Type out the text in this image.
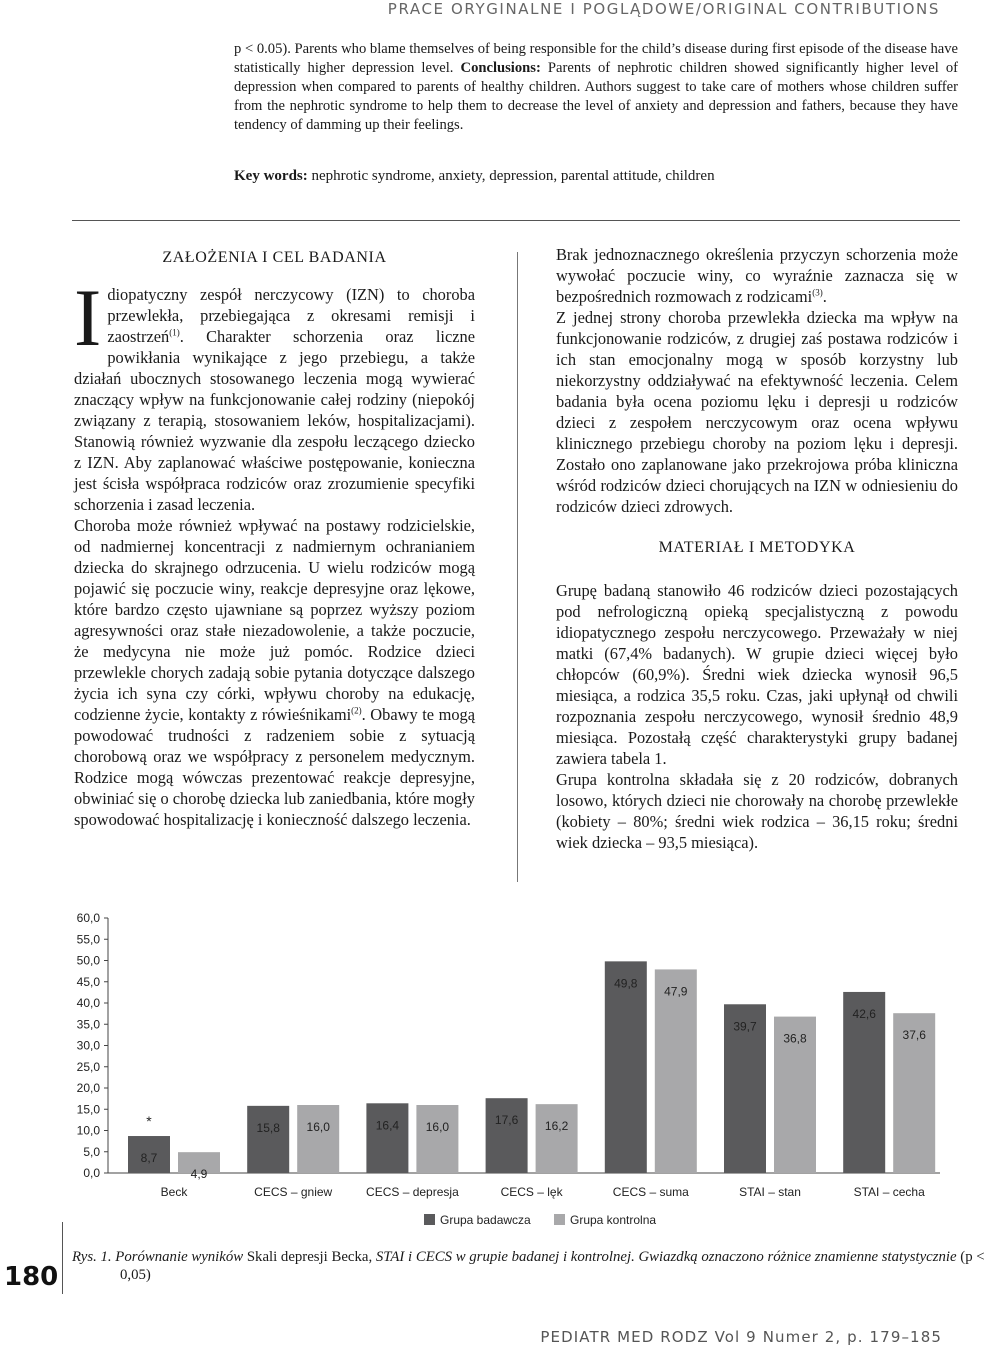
PRACE ORYGINALNE I POGLĄDOWE/ORIGINAL CONTRIBUTIONS

p < 0.05). Parents who blame themselves of being responsible for the child’s disease during first episode of the disease have statistically higher depression level. Conclusions: Parents of nephrotic children showed significantly higher level of depression when compared to parents of healthy children. Authors suggest to take care of mothers whose children suffer from the nephrotic syndrome to help them to decrease the level of anxiety and depression and fathers, because they have tendency of damming up their feelings.

Key words: nephrotic syndrome, anxiety, depression, parental attitude, children
ZAŁOŻENIA I CEL BADANIA

Idiopatyczny zespół nerczycowy (IZN) to choroba przewlekła, przebiegająca z okresami remisji i zaostrzeń$^{(1)}$. Charakter schorzenia oraz liczne powikłania wynikające z jego przebiegu, a także działań ubocznych stosowanego leczenia mogą wywierać znaczący wpływ na funkcjonowanie całej rodziny (niepokój związany z terapią, stosowaniem leków, hospitalizacjami). Stanowią również wyzwanie dla zespołu leczącego dziecko z IZN. Aby zaplanować właściwe postępowanie, konieczna jest ścisła współpraca rodziców oraz zrozumienie specyfiki schorzenia i zasad leczenia.

Choroba może również wpływać na postawy rodzicielskie, od nadmiernej koncentracji z nadmiernym ochranianiem dziecka do skrajnego odrzucenia. U wielu rodziców mogą pojawić się poczucie winy, reakcje depresyjne oraz lękowe, które bardzo często ujawniane są poprzez wyższy poziom agresywności oraz stałe niezadowolenie, a także poczucie, że medycyna nie może już pomóc. Rodzice dzieci przewlekle chorych zadają sobie pytania dotyczące dalszego życia ich syna czy córki, wpływu choroby na edukację, codzienne życie, kontakty z rówieśnikami$^{(2)}$. Obawy te mogą powodować trudności z radzeniem sobie z sytuacją chorobową oraz we współpracy z personelem medycznym. Rodzice mogą wówczas prezentować reakcje depresyjne, obwiniać się o chorobę dziecka lub zaniedbania, które mogły spowodować hospitalizację i konieczność dalszego leczenia.

Brak jednoznacznego określenia przyczyn schorzenia może wywołać poczucie winy, co wyraźnie zaznacza się w bezpośrednich rozmowach z rodzicami$^{(3)}$.

Z jednej strony choroba przewlekła dziecka ma wpływ na funkcjonowanie rodziców, z drugiej zaś postawa rodziców i ich stan emocjonalny mogą w sposób korzystny lub niekorzystny oddziaływać na efektywność leczenia. Celem badania była ocena poziomu lęku i depresji u rodziców dzieci z zespołem nerczycowym oraz ocena wpływu klinicznego przebiegu choroby na poziom lęku i depresji. Zostało ono zaplanowane jako przekrojowa próba kliniczna wśród rodziców dzieci chorujących na IZN w odniesieniu do rodziców dzieci zdrowych.

MATERIAŁ I METODYKA

Grupę badaną stanowiło 46 rodziców dzieci pozostających pod nefrologiczną opieką specjalistyczną z powodu idiopatycznego zespołu nerczycowego. Przeważały w niej matki (67,4% badanych). W grupie dzieci więcej było chłopców (60,9%). Średni wiek dziecka wynosił 96,5 miesiąca, a rodzica 35,5 roku. Czas, jaki upłynął od chwili rozpoznania zespołu nerczycowego, wynosił średnio 48,9 miesiąca. Pozostałą część charakterystyki grupy badanej zawiera tabela 1.

Grupa kontrolna składała się z 20 rodziców, dobranych losowo, których dzieci nie chorowały na chorobę przewlekłe (kobiety – 80%; średni wiek rodzica – 36,15 roku; średni wiek dziecka – 93,5 miesiąca).

0,0
5,0
10,0
15,0
20,0
25,0
30,0
35,0
40,0
45,0
50,0
55,0
60,0
8,7
4,9
Beck
15,8 16,0
CECS – gniew
16,4 16,0
CECS – depresja
17,6 16,2
CECS – lęk
49,8
47,9
CECS – suma
39,7
36,8
STAI – stan
42,6
37,6
STAI – cecha
*
Grupa badawcza	Grupa kontrolna
180
Rys. 1. Porównanie wyników Skali depresji Becka, STAI i CECS w grupie badanej i kontrolnej. Gwiazdką oznaczono różnice znamienne statystycznie (p < 0,05)
PEDIATR MED RODZ Vol 9 Numer 2, p. 179–185
